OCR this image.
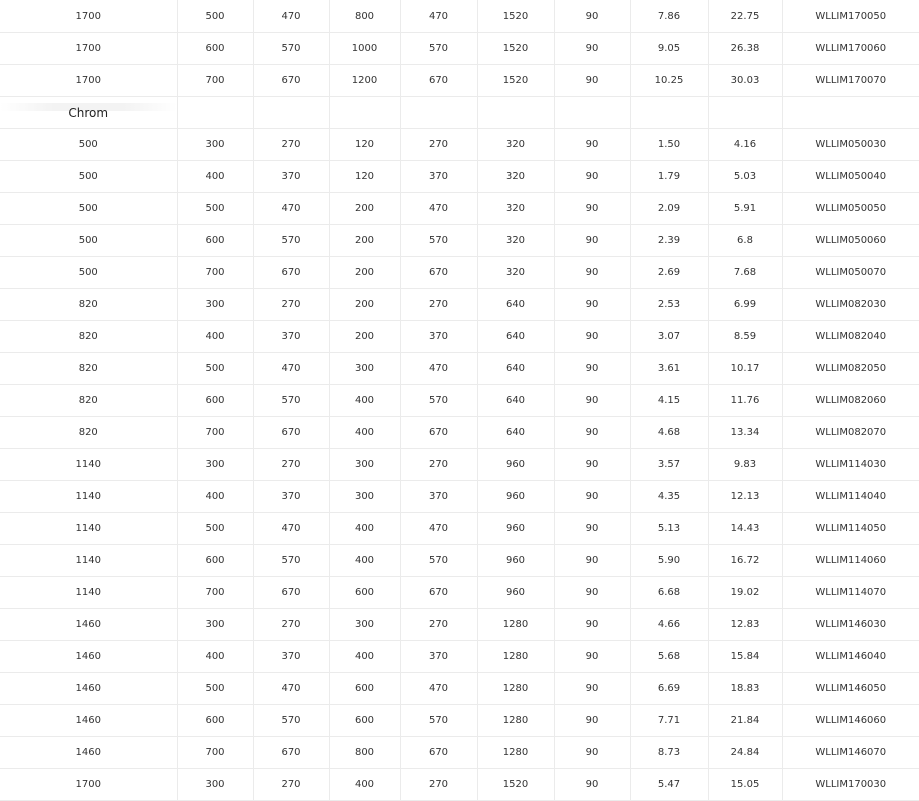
1700	500	470	800	470	1520	90	7.86	22.75	WLLIM170050
1700	600	570	1000	570	1520	90	9.05	26.38	WLLIM170060
1700	700	670	1200	670	1520	90	10.25	30.03	WLLIM170070
Chrom									
500	300	270	120	270	320	90	1.50	4.16	WLLIM050030
500	400	370	120	370	320	90	1.79	5.03	WLLIM050040
500	500	470	200	470	320	90	2.09	5.91	WLLIM050050
500	600	570	200	570	320	90	2.39	6.8	WLLIM050060
500	700	670	200	670	320	90	2.69	7.68	WLLIM050070
820	300	270	200	270	640	90	2.53	6.99	WLLIM082030
820	400	370	200	370	640	90	3.07	8.59	WLLIM082040
820	500	470	300	470	640	90	3.61	10.17	WLLIM082050
820	600	570	400	570	640	90	4.15	11.76	WLLIM082060
820	700	670	400	670	640	90	4.68	13.34	WLLIM082070
1140	300	270	300	270	960	90	3.57	9.83	WLLIM114030
1140	400	370	300	370	960	90	4.35	12.13	WLLIM114040
1140	500	470	400	470	960	90	5.13	14.43	WLLIM114050
1140	600	570	400	570	960	90	5.90	16.72	WLLIM114060
1140	700	670	600	670	960	90	6.68	19.02	WLLIM114070
1460	300	270	300	270	1280	90	4.66	12.83	WLLIM146030
1460	400	370	400	370	1280	90	5.68	15.84	WLLIM146040
1460	500	470	600	470	1280	90	6.69	18.83	WLLIM146050
1460	600	570	600	570	1280	90	7.71	21.84	WLLIM146060
1460	700	670	800	670	1280	90	8.73	24.84	WLLIM146070
1700	300	270	400	270	1520	90	5.47	15.05	WLLIM170030
